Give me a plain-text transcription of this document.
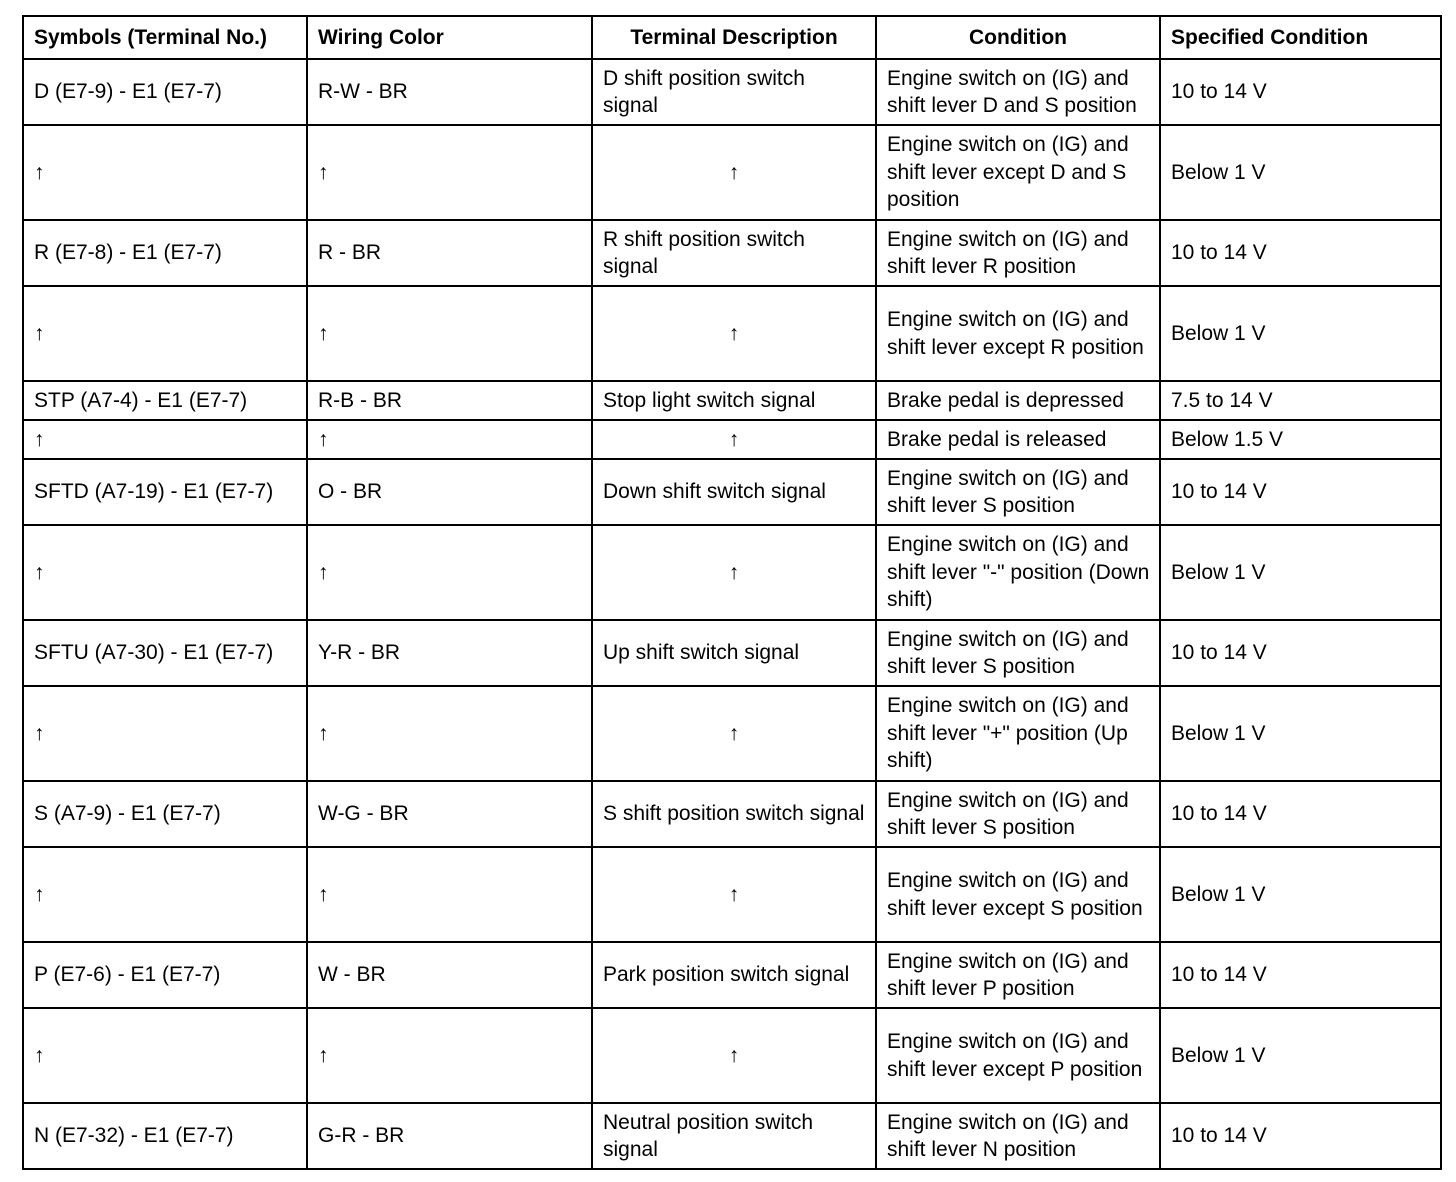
Symbols (Terminal No.)	Wiring Color	Terminal Description	Condition	Specified Condition
D (E7-9) - E1 (E7-7)	R-W - BR	D shift position switch signal	Engine switch on (IG) and shift lever D and S position	10 to 14 V
↑	↑	↑	Engine switch on (IG) and shift lever except D and S position	Below 1 V
R (E7-8) - E1 (E7-7)	R - BR	R shift position switch signal	Engine switch on (IG) and shift lever R position	10 to 14 V
↑	↑	↑	Engine switch on (IG) and shift lever except R position	Below 1 V
STP (A7-4) - E1 (E7-7)	R-B - BR	Stop light switch signal	Brake pedal is depressed	7.5 to 14 V
↑	↑	↑	Brake pedal is released	Below 1.5 V
SFTD (A7-19) - E1 (E7-7)	O - BR	Down shift switch signal	Engine switch on (IG) and shift lever S position	10 to 14 V
↑	↑	↑	Engine switch on (IG) and shift lever "-" position (Down shift)	Below 1 V
SFTU (A7-30) - E1 (E7-7)	Y-R - BR	Up shift switch signal	Engine switch on (IG) and shift lever S position	10 to 14 V
↑	↑	↑	Engine switch on (IG) and shift lever "+" position (Up shift)	Below 1 V
S (A7-9) - E1 (E7-7)	W-G - BR	S shift position switch signal	Engine switch on (IG) and shift lever S position	10 to 14 V
↑	↑	↑	Engine switch on (IG) and shift lever except S position	Below 1 V
P (E7-6) - E1 (E7-7)	W - BR	Park position switch signal	Engine switch on (IG) and shift lever P position	10 to 14 V
↑	↑	↑	Engine switch on (IG) and shift lever except P position	Below 1 V
N (E7-32) - E1 (E7-7)	G-R - BR	Neutral position switch signal	Engine switch on (IG) and shift lever N position	10 to 14 V
